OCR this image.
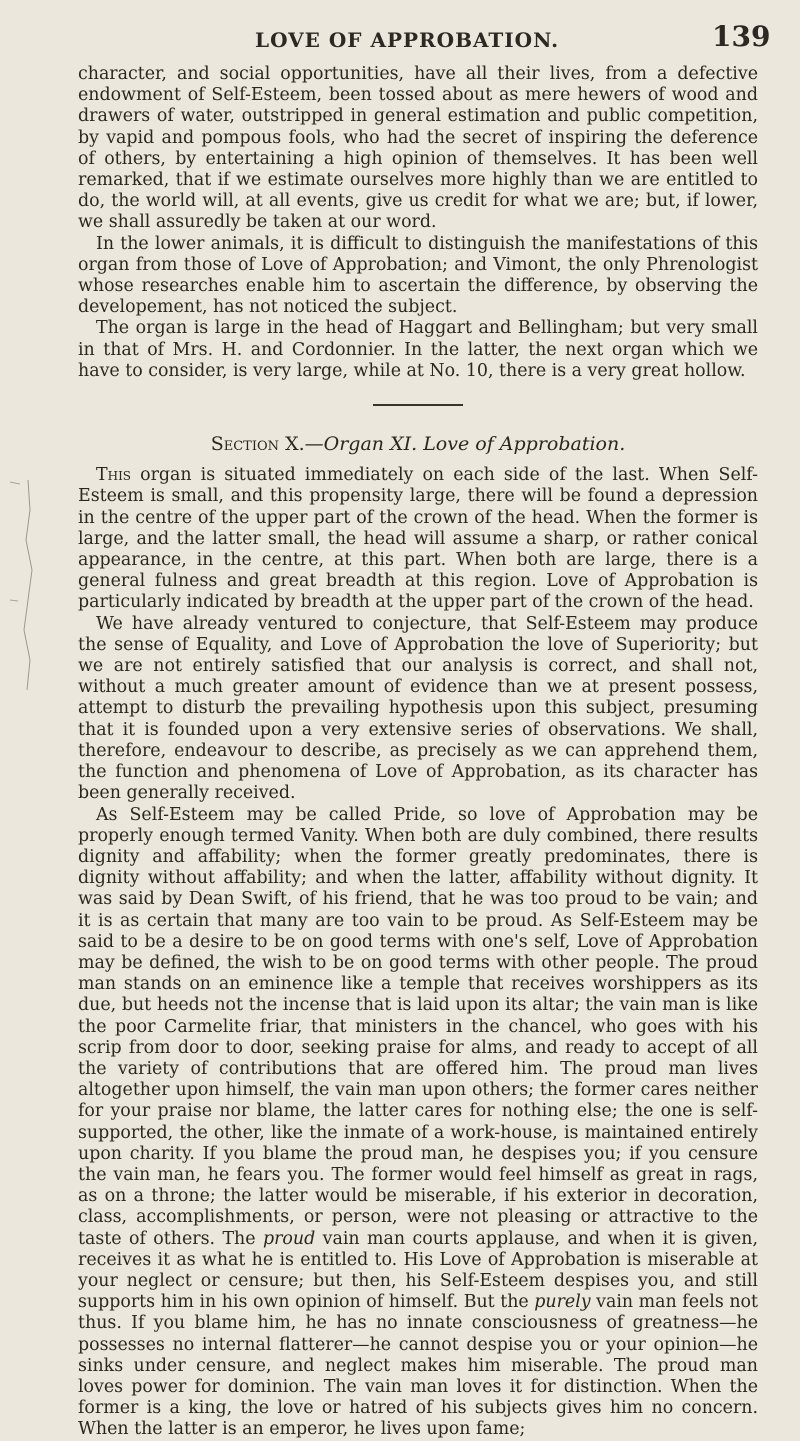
LOVE OF APPROBATION.	139

character, and social opportunities, have all their lives, from a defective endowment of Self-Esteem, been tossed about as mere hewers of wood and drawers of water, outstripped in general estimation and public competition, by vapid and pompous fools, who had the secret of inspiring the deference of others, by entertaining a high opinion of themselves. It has been well remarked, that if we estimate ourselves more highly than we are entitled to do, the world will, at all events, give us credit for what we are; but, if lower, we shall assuredly be taken at our word.

In the lower animals, it is difficult to distinguish the manifestations of this organ from those of Love of Approbation; and Vimont, the only Phrenologist whose researches enable him to ascertain the difference, by observing the developement, has not noticed the subject.

The organ is large in the head of Haggart and Bellingham; but very small in that of Mrs. H. and Cordonnier. In the latter, the next organ which we have to consider, is very large, while at No. 10, there is a very great hollow.

Section X.—Organ XI. Love of Approbation.

This organ is situated immediately on each side of the last. When Self-Esteem is small, and this propensity large, there will be found a depression in the centre of the upper part of the crown of the head. When the former is large, and the latter small, the head will assume a sharp, or rather conical appearance, in the centre, at this part. When both are large, there is a general fulness and great breadth at this region. Love of Approbation is particularly indicated by breadth at the upper part of the crown of the head.

We have already ventured to conjecture, that Self-Esteem may produce the sense of Equality, and Love of Approbation the love of Superiority; but we are not entirely satisfied that our analysis is correct, and shall not, without a much greater amount of evidence than we at present possess, attempt to disturb the prevailing hypothesis upon this subject, presuming that it is founded upon a very extensive series of observations. We shall, therefore, endeavour to describe, as precisely as we can apprehend them, the function and phenomena of Love of Approbation, as its character has been generally received.

As Self-Esteem may be called Pride, so love of Approbation may be properly enough termed Vanity. When both are duly combined, there results dignity and affability; when the former greatly predominates, there is dignity without affability; and when the latter, affability without dignity. It was said by Dean Swift, of his friend, that he was too proud to be vain; and it is as certain that many are too vain to be proud. As Self-Esteem may be said to be a desire to be on good terms with one's self, Love of Approbation may be defined, the wish to be on good terms with other people. The proud man stands on an eminence like a temple that receives worshippers as its due, but heeds not the incense that is laid upon its altar; the vain man is like the poor Carmelite friar, that ministers in the chancel, who goes with his scrip from door to door, seeking praise for alms, and ready to accept of all the variety of contributions that are offered him. The proud man lives altogether upon himself, the vain man upon others; the former cares neither for your praise nor blame, the latter cares for nothing else; the one is self-supported, the other, like the inmate of a work-house, is maintained entirely upon charity. If you blame the proud man, he despises you; if you censure the vain man, he fears you. The former would feel himself as great in rags, as on a throne; the latter would be miserable, if his exterior in decoration, class, accomplishments, or person, were not pleasing or attractive to the taste of others. The proud vain man courts applause, and when it is given, receives it as what he is entitled to. His Love of Approbation is miserable at your neglect or censure; but then, his Self-Esteem despises you, and still supports him in his own opinion of himself. But the purely vain man feels not thus. If you blame him, he has no innate consciousness of greatness—he possesses no internal flatterer—he cannot despise you or your opinion—he sinks under censure, and neglect makes him miserable. The proud man loves power for dominion. The vain man loves it for distinction. When the former is a king, the love or hatred of his subjects gives him no concern. When the latter is an emperor, he lives upon fame;
